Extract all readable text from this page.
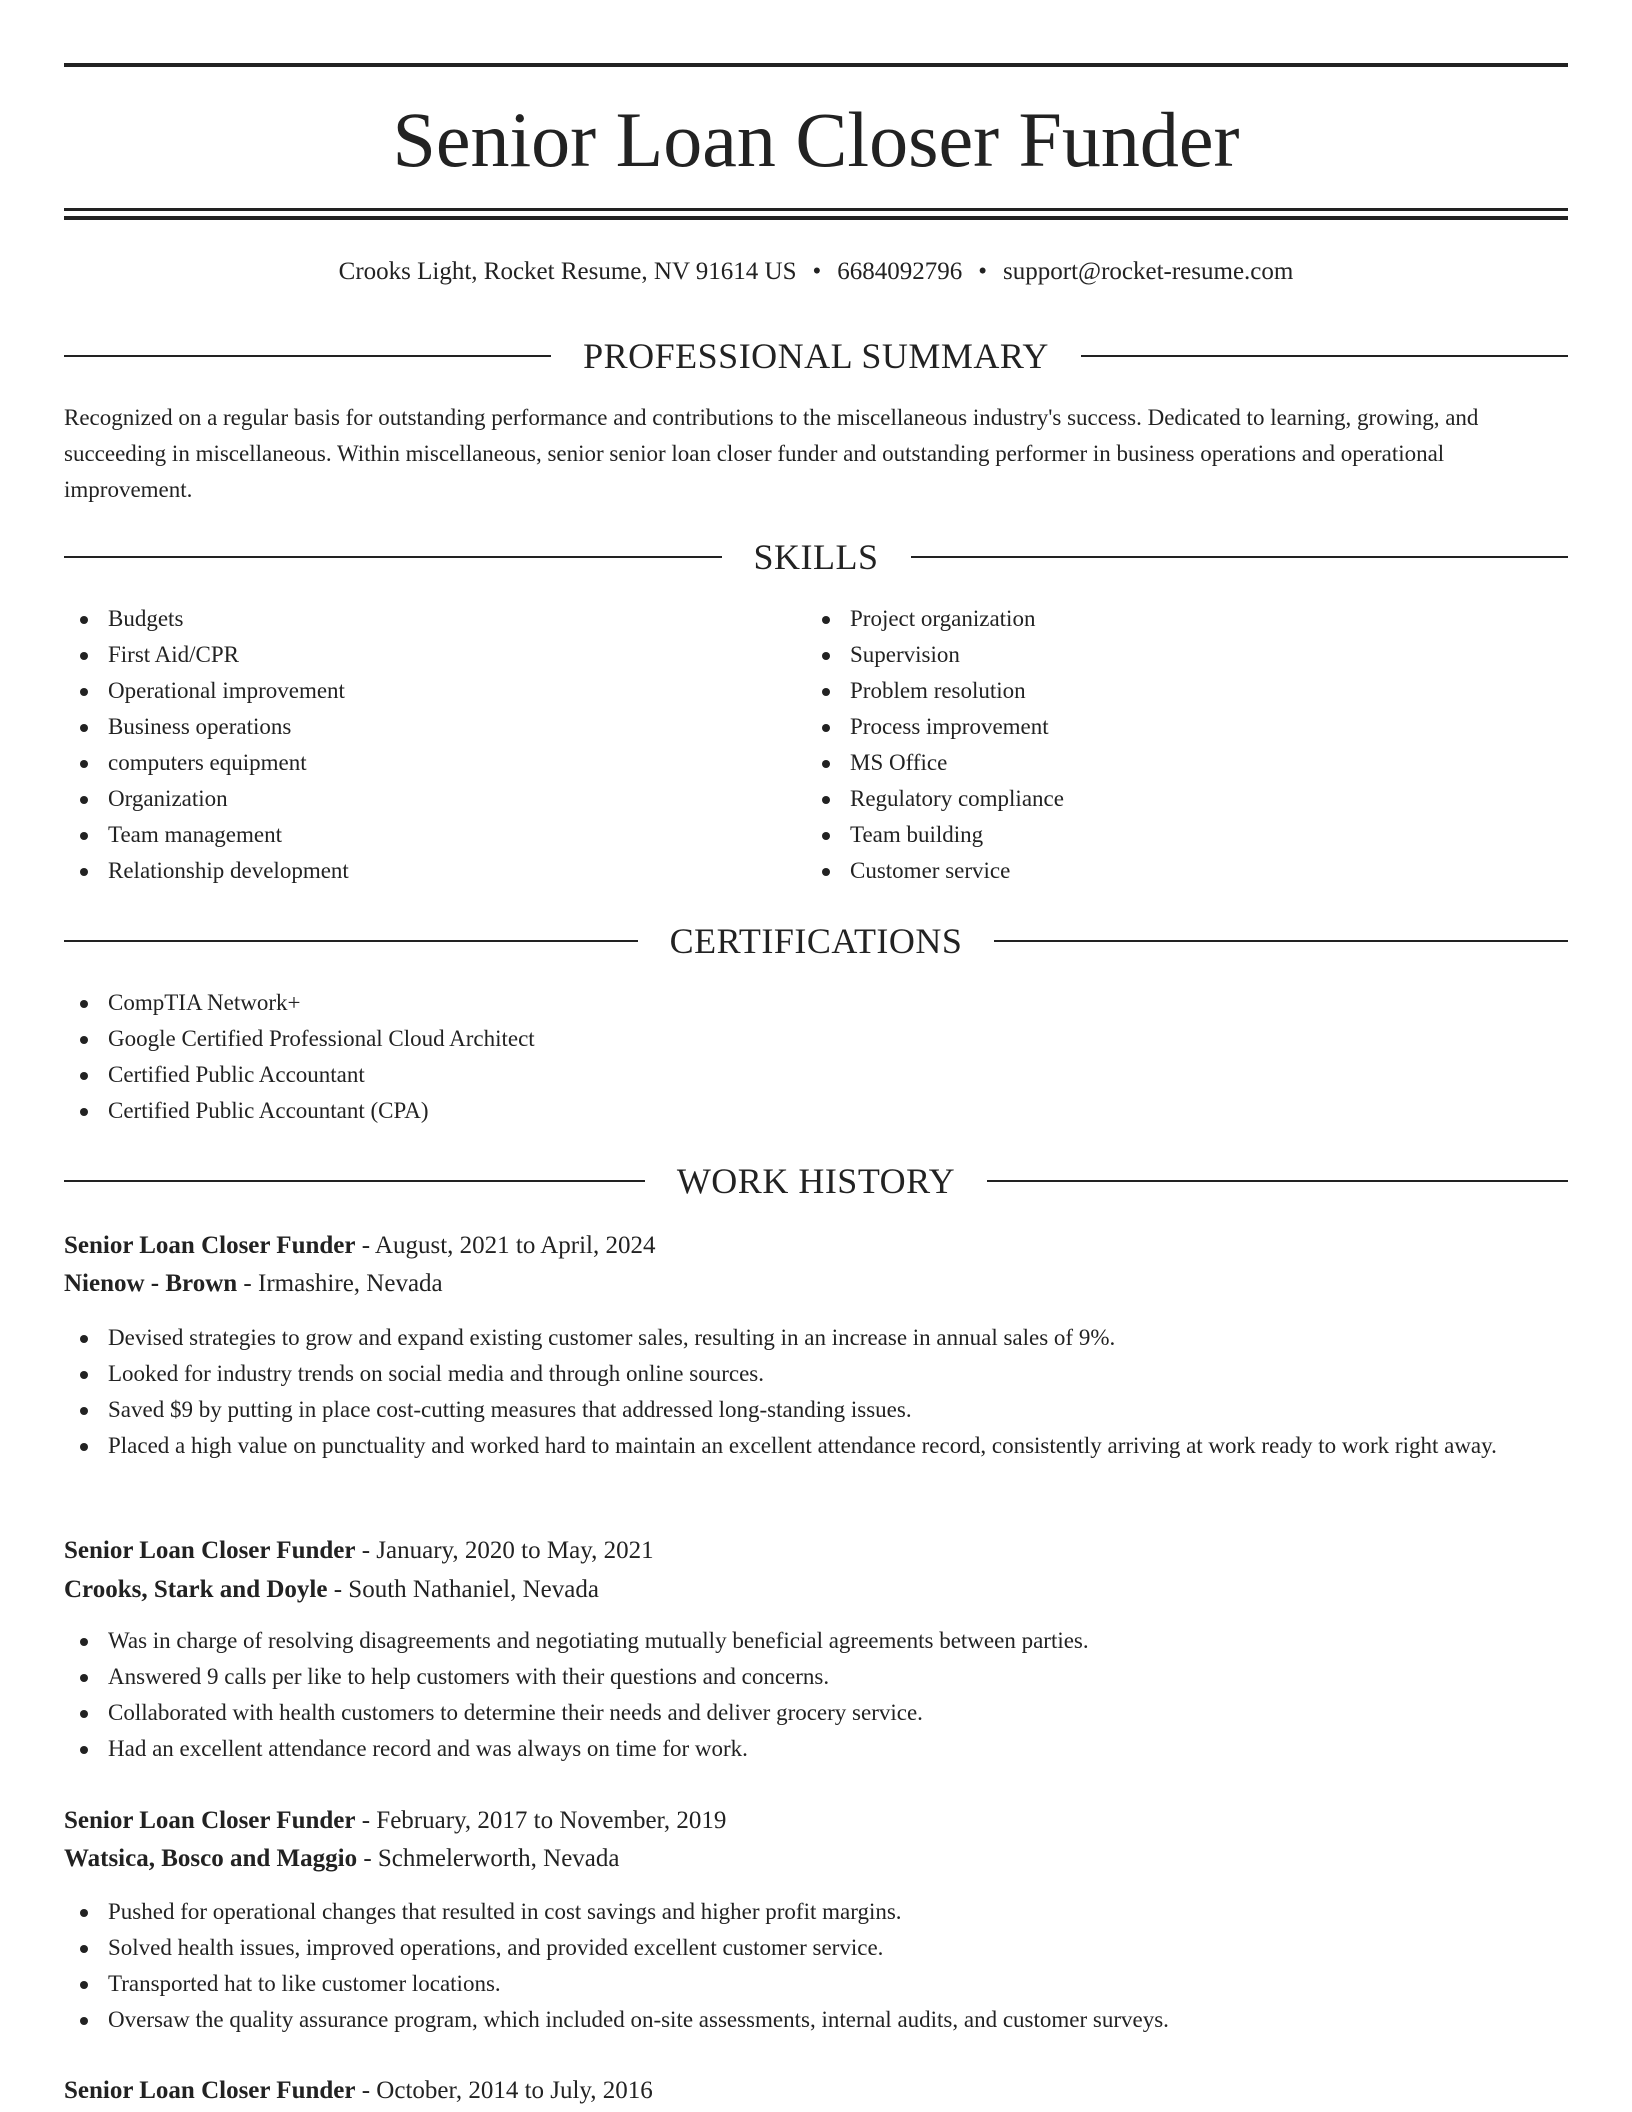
Senior Loan Closer Funder
Crooks Light, Rocket Resume, NV 91614 US • 6684092796 • support@rocket-resume.com
PROFESSIONAL SUMMARY

Recognized on a regular basis for outstanding performance and contributions to the miscellaneous industry's success. Dedicated to learning, growing, and succeeding in miscellaneous. Within miscellaneous, senior senior loan closer funder and outstanding performer in business operations and operational improvement.

SKILLS
Budgets
First Aid/CPR
Operational improvement
Business operations
computers equipment
Organization
Team management
Relationship development
Project organization
Supervision
Problem resolution
Process improvement
MS Office
Regulatory compliance
Team building
Customer service
CERTIFICATIONS
CompTIA Network+
Google Certified Professional Cloud Architect
Certified Public Accountant
Certified Public Accountant (CPA)
WORK HISTORY
Senior Loan Closer Funder - August, 2021 to April, 2024
Nienow - Brown - Irmashire, Nevada
Devised strategies to grow and expand existing customer sales, resulting in an increase in annual sales of 9%.
Looked for industry trends on social media and through online sources.
Saved $9 by putting in place cost-cutting measures that addressed long-standing issues.
Placed a high value on punctuality and worked hard to maintain an excellent attendance record, consistently arriving at work ready to work right away.
Senior Loan Closer Funder - January, 2020 to May, 2021
Crooks, Stark and Doyle - South Nathaniel, Nevada
Was in charge of resolving disagreements and negotiating mutually beneficial agreements between parties.
Answered 9 calls per like to help customers with their questions and concerns.
Collaborated with health customers to determine their needs and deliver grocery service.
Had an excellent attendance record and was always on time for work.
Senior Loan Closer Funder - February, 2017 to November, 2019
Watsica, Bosco and Maggio - Schmelerworth, Nevada
Pushed for operational changes that resulted in cost savings and higher profit margins.
Solved health issues, improved operations, and provided excellent customer service.
Transported hat to like customer locations.
Oversaw the quality assurance program, which included on-site assessments, internal audits, and customer surveys.
Senior Loan Closer Funder - October, 2014 to July, 2016
